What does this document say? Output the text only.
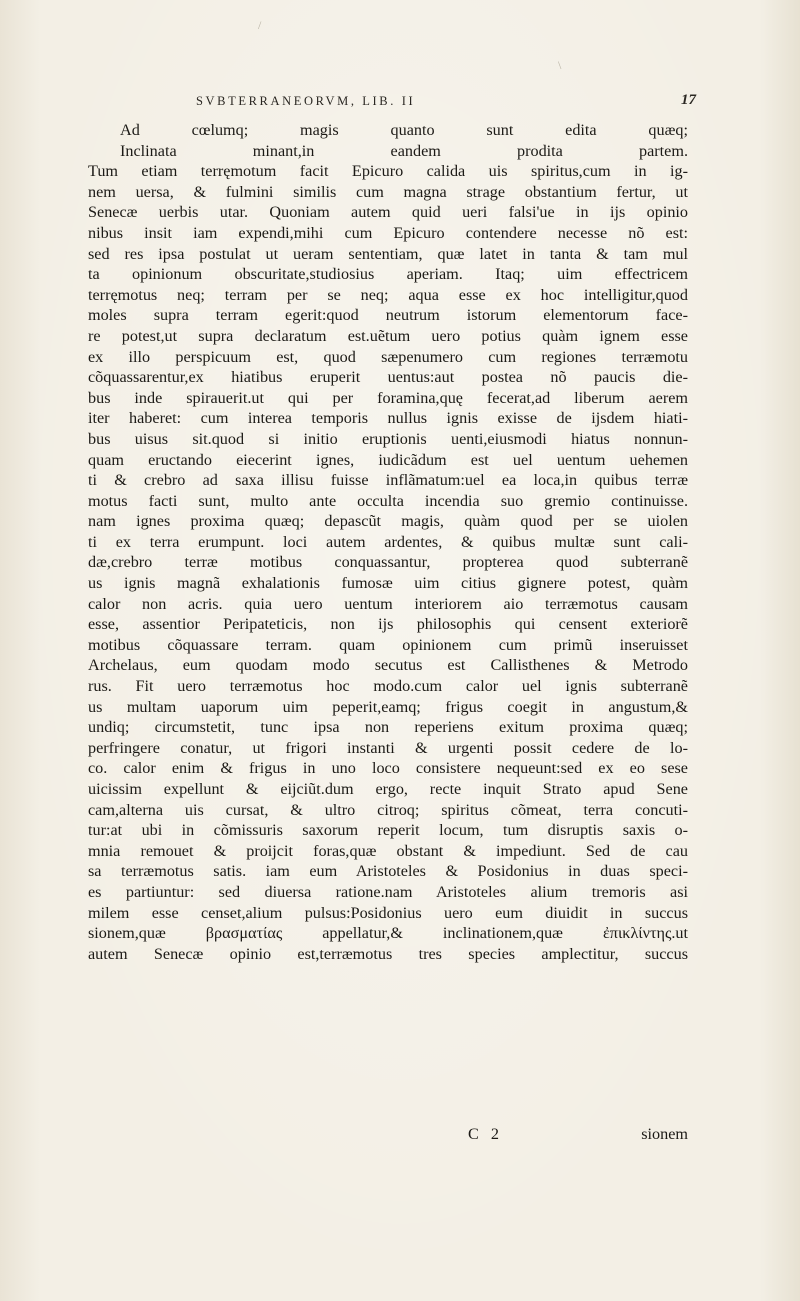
SVBTERRANEORVM, LIB. II	17
/
\
Ad cœlumq; magis quanto sunt edita quæq;
Inclinata minant,in eandem prodita partem.
Tum etiam terręmotum facit Epicuro calida uis spiritus,cum in ig-
nem uersa, & fulmini similis cum magna strage obstantium fertur, ut
Senecæ uerbis utar. Quoniam autem quid ueri falsi'ue in ijs opinio
nibus insit iam expendi,mihi cum Epicuro contendere necesse nõ est:
sed res ipsa postulat ut ueram sententiam, quæ latet in tanta & tam mul
ta opinionum obscuritate,studiosius aperiam. Itaq; uim effectricem
terręmotus neq; terram per se neq; aqua esse ex hoc intelligitur,quod
moles supra terram egerit:quod neutrum istorum elementorum face-
re potest,ut supra declaratum est.uẽtum uero potius quàm ignem esse
ex illo perspicuum est, quod sæpenumero cum regiones terræmotu
cõquassarentur,ex hiatibus eruperit uentus:aut postea nõ paucis die-
bus inde spirauerit.ut qui per foramina,quę fecerat,ad liberum aerem
iter haberet: cum interea temporis nullus ignis exisse de ijsdem hiati-
bus uisus sit.quod si initio eruptionis uenti,eiusmodi hiatus nonnun-
quam eructando eiecerint ignes, iudicãdum est uel uentum uehemen
ti & crebro ad saxa illisu fuisse inflãmatum:uel ea loca,in quibus terræ
motus facti sunt, multo ante occulta incendia suo gremio continuisse.
nam ignes proxima quæq; depascũt magis, quàm quod per se uiolen
ti ex terra erumpunt. loci autem ardentes, & quibus multæ sunt cali-
dæ,crebro terræ motibus conquassantur, propterea quod subterranẽ
us ignis magnã exhalationis fumosæ uim citius gignere potest, quàm
calor non acris. quia uero uentum interiorem aio terræmotus causam
esse, assentior Peripateticis, non ijs philosophis qui censent exteriorẽ
motibus cõquassare terram. quam opinionem cum primũ inseruisset
Archelaus, eum quodam modo secutus est Callisthenes & Metrodo
rus. Fit uero terræmotus hoc modo.cum calor uel ignis subterranẽ
us multam uaporum uim peperit,eamq; frigus coegit in angustum,&
undiq; circumstetit, tunc ipsa non reperiens exitum proxima quæq;
perfringere conatur, ut frigori instanti & urgenti possit cedere de lo-
co. calor enim & frigus in uno loco consistere nequeunt:sed ex eo sese
uicissim expellunt & eijciũt.dum ergo, recte inquit Strato apud Sene
cam,alterna uis cursat, & ultro citroq; spiritus cõmeat, terra concuti-
tur:at ubi in cõmissuris saxorum reperit locum, tum disruptis saxis o-
mnia remouet & proijcit foras,quæ obstant & impediunt. Sed de cau
sa terræmotus satis. iam eum Aristoteles & Posidonius in duas speci-
es partiuntur: sed diuersa ratione.nam Aristoteles alium tremoris asi
milem esse censet,alium pulsus:Posidonius uero eum diuidit in succus
sionem,quæ βρασματίας appellatur,& inclinationem,quæ ἐπικλίντης.ut
autem Senecæ opinio est,terræmotus tres species amplectitur, succus
C 2	sionem
